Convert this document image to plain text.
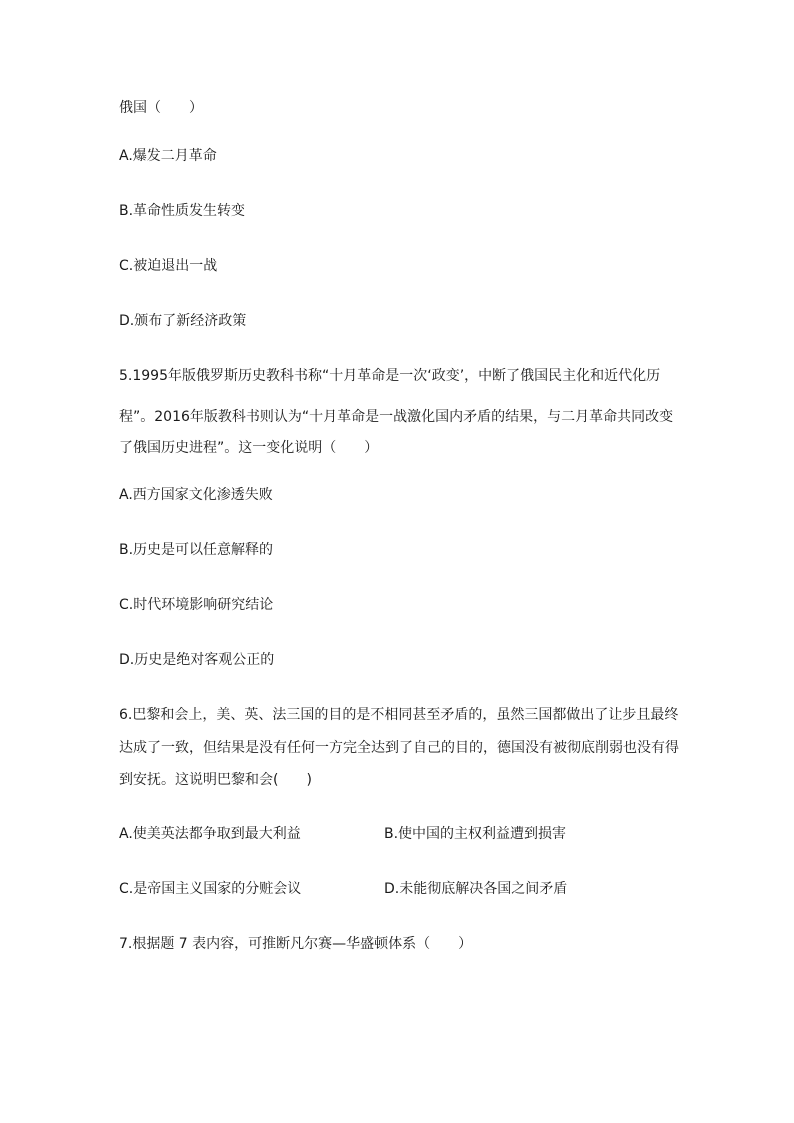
俄国（　　）
A.爆发二月革命
B.革命性质发生转变
C.被迫退出一战
D.颁布了新经济政策
5.1995年版俄罗斯历史教科书称“十月革命是一次‘政变’，中断了俄国民主化和近代化历
程”。2016年版教科书则认为“十月革命是一战激化国内矛盾的结果，与二月革命共同改变
了俄国历史进程”。这一变化说明（　　）
A.西方国家文化渗透失败
B.历史是可以任意解释的
C.时代环境影响研究结论
D.历史是绝对客观公正的
6.巴黎和会上，美、英、法三国的目的是不相同甚至矛盾的，虽然三国都做出了让步且最终
达成了一致，但结果是没有任何一方完全达到了自己的目的，德国没有被彻底削弱也没有得
到安抚。这说明巴黎和会(　　)
A.使美英法都争取到最大利益	B.使中国的主权利益遭到损害
C.是帝国主义国家的分赃会议	D.未能彻底解决各国之间矛盾
7.根据题 7 表内容，可推断凡尔赛—华盛顿体系（　　）
